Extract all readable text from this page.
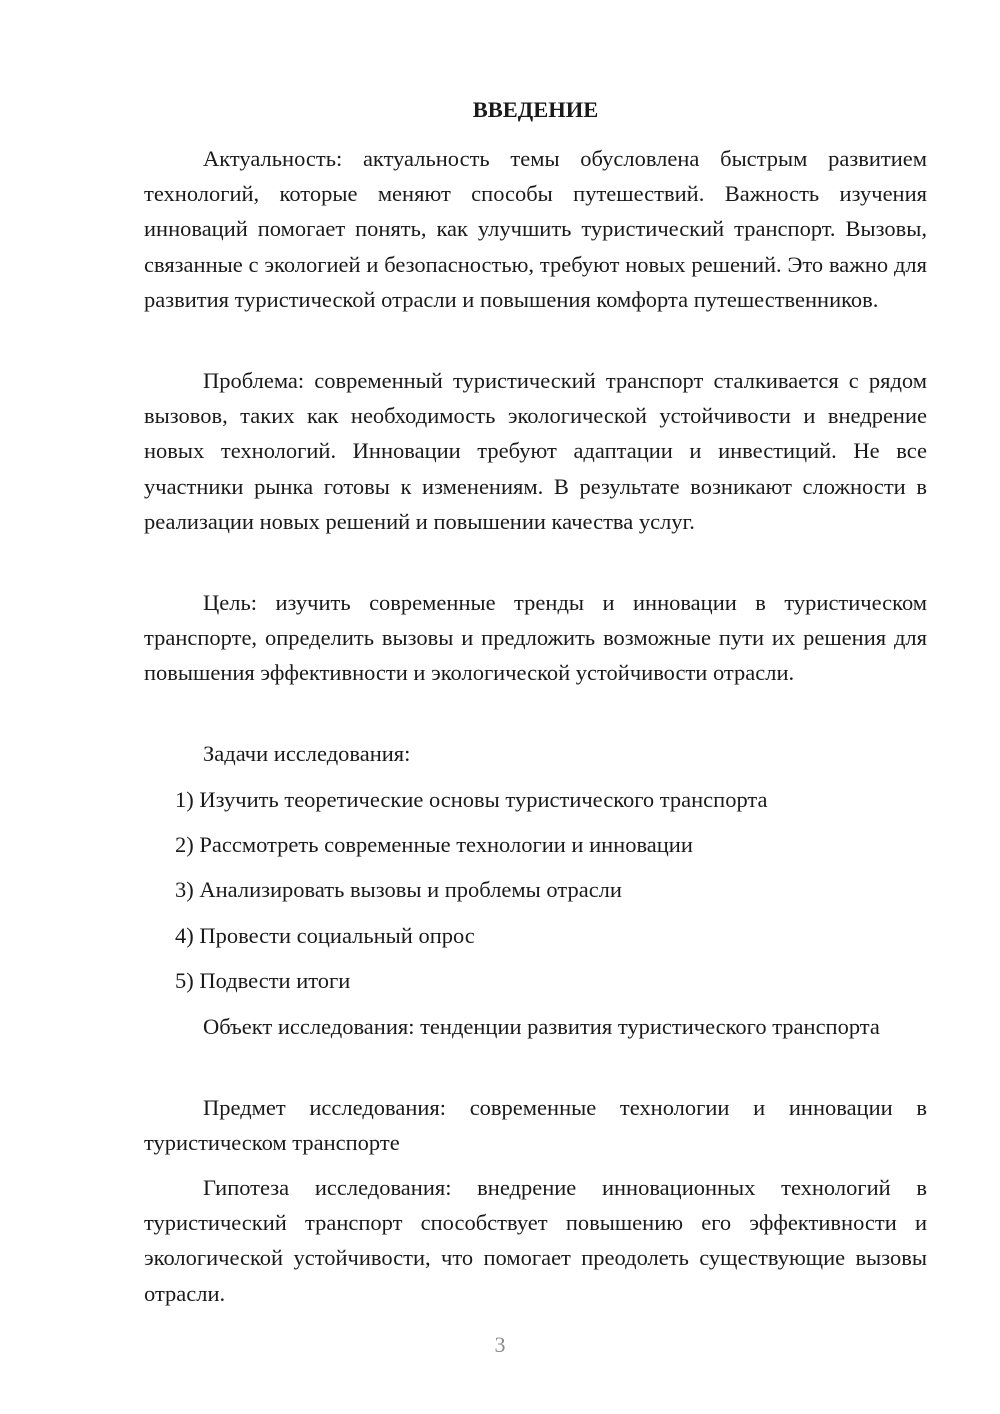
ВВЕДЕНИЕ

Актуальность: актуальность темы обусловлена быстрым развитием технологий, которые меняют способы путешествий. Важность изучения инноваций помогает понять, как улучшить туристический транспорт. Вызовы, связанные с экологией и безопасностью, требуют новых решений. Это важно для развития туристической отрасли и повышения комфорта путешественников.

Проблема: современный туристический транспорт сталкивается с рядом вызовов, таких как необходимость экологической устойчивости и внедрение новых технологий. Инновации требуют адаптации и инвестиций. Не все участники рынка готовы к изменениям. В результате возникают сложности в реализации новых решений и повышении качества услуг.

Цель: изучить современные тренды и инновации в туристическом транспорте, определить вызовы и предложить возможные пути их решения для повышения эффективности и экологической устойчивости отрасли.

Задачи исследования:

1) Изучить теоретические основы туристического транспорта

2) Рассмотреть современные технологии и инновации

3) Анализировать вызовы и проблемы отрасли

4) Провести социальный опрос

5) Подвести итоги

Объект исследования: тенденции развития туристического транспорта

Предмет исследования: современные технологии и инновации в туристическом транспорте

Гипотеза исследования: внедрение инновационных технологий в туристический транспорт способствует повышению его эффективности и экологической устойчивости, что помогает преодолеть существующие вызовы отрасли.

3
